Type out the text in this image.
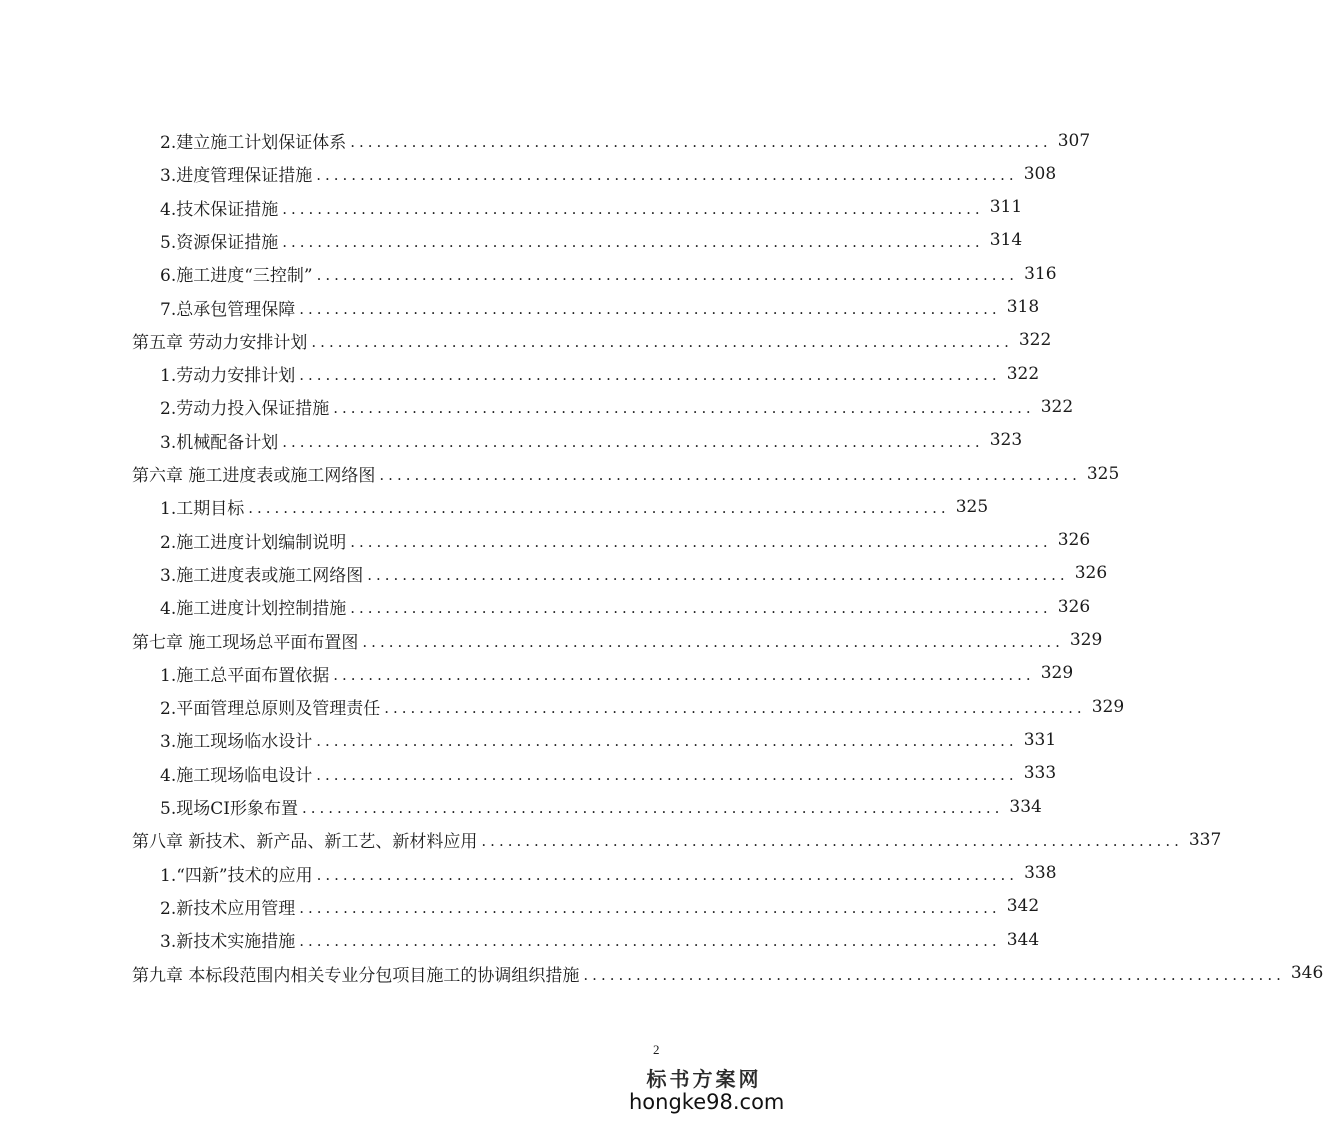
2.建立施工计划保证体系 ................................................................................ 307
3.进度管理保证措施 ................................................................................ 308
4.技术保证措施 ................................................................................ 311
5.资源保证措施 ................................................................................ 314
6.施工进度“三控制” ................................................................................ 316
7.总承包管理保障 ................................................................................ 318
第五章 劳动力安排计划 ................................................................................ 322
1.劳动力安排计划 ................................................................................ 322
2.劳动力投入保证措施 ................................................................................ 322
3.机械配备计划 ................................................................................ 323
第六章 施工进度表或施工网络图 ................................................................................ 325
1.工期目标 ................................................................................ 325
2.施工进度计划编制说明 ................................................................................ 326
3.施工进度表或施工网络图 ................................................................................ 326
4.施工进度计划控制措施 ................................................................................ 326
第七章 施工现场总平面布置图 ................................................................................ 329
1.施工总平面布置依据 ................................................................................ 329
2.平面管理总原则及管理责任 ................................................................................ 329
3.施工现场临水设计 ................................................................................ 331
4.施工现场临电设计 ................................................................................ 333
5.现场CI形象布置 ................................................................................ 334
第八章 新技术、新产品、新工艺、新材料应用 ................................................................................ 337
1.“四新”技术的应用 ................................................................................ 338
2.新技术应用管理 ................................................................................ 342
3.新技术实施措施 ................................................................................ 344
第九章 本标段范围内相关专业分包项目施工的协调组织措施 ................................................................................ 346
2
标书方案网
hongke98.com
